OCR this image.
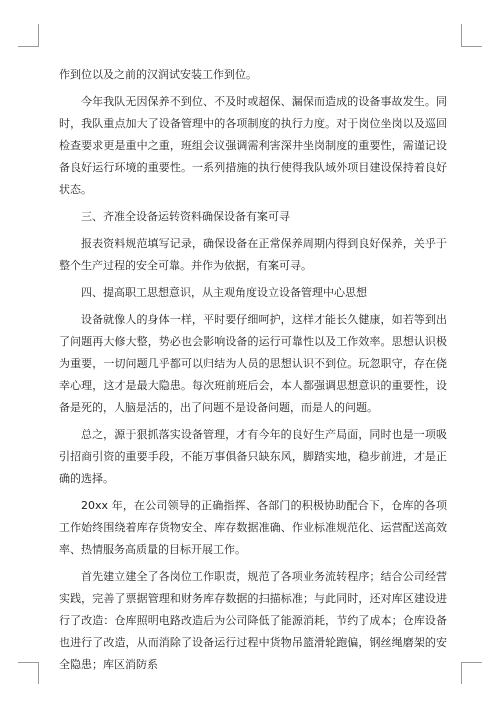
作到位以及之前的汉润试安装工作到位。

今年我队无因保养不到位、不及时或超保、漏保而造成的设备事故发生。同时，我队重点加大了设备管理中的各项制度的执行力度。对于岗位坐岗以及巡回检查要求更是重中之重，班组会议强调需利害深井坐岗制度的重要性，需谨记设备良好运行环境的重要性。一系列措施的执行使得我队域外项目建设保持着良好状态。

三、齐准全设备运转资料确保设备有案可寻

报表资料规范填写记录，确保设备在正常保养周期内得到良好保养，关乎于整个生产过程的安全可靠。并作为依据，有案可寻。

四、提高职工思想意识，从主观角度设立设备管理中心思想

设备就像人的身体一样，平时要仔细呵护，这样才能长久健康，如若等到出了问题再大修大整，势必也会影响设备的运行可靠性以及工作效率。思想认识极为重要，一切问题几乎都可以归结为人员的思想认识不到位。玩忽职守，存在侥幸心理，这才是最大隐患。每次班前班后会，本人都强调思想意识的重要性，设备是死的，人脑是活的，出了问题不是设备问题，而是人的问题。

总之，源于狠抓落实设备管理，才有今年的良好生产局面，同时也是一项吸引招商引资的重要手段，不能万事俱备只缺东风，脚踏实地，稳步前进，才是正确的选择。

20xx 年，在公司领导的正确指挥、各部门的积极协助配合下，仓库的各项工作始终围绕着库存货物安全、库存数据准确、作业标准规范化、运营配送高效率、热情服务高质量的目标开展工作。

首先建立建全了各岗位工作职责，规范了各项业务流转程序；结合公司经营实践，完善了票据管理和财务库存数据的扫描标准；与此同时，还对库区建设进行了改造：仓库照明电路改造后为公司降低了能源消耗，节约了成本；仓库设备也进行了改造，从而消除了设备运行过程中货物吊篮滑轮跑偏，钢丝绳磨架的安全隐患；库区消防系
